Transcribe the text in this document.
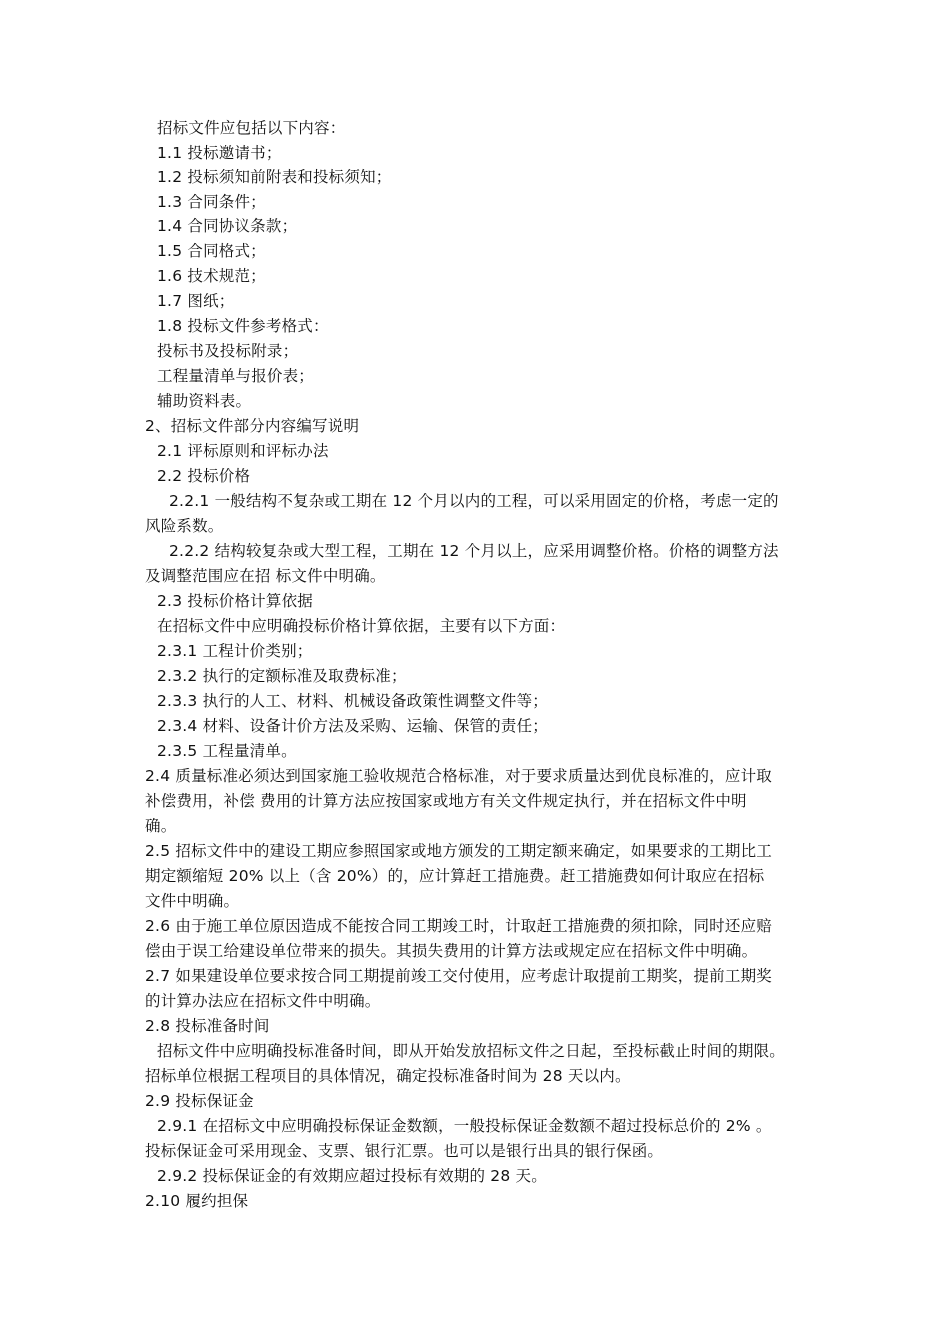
招标文件应包括以下内容：
1.1 投标邀请书；
1.2 投标须知前附表和投标须知；
1.3 合同条件；
1.4 合同协议条款；
1.5 合同格式；
1.6 技术规范；
1.7 图纸；
1.8 投标文件参考格式：
投标书及投标附录；
工程量清单与报价表；
辅助资料表。
2、招标文件部分内容编写说明
2.1 评标原则和评标办法
2.2 投标价格
2.2.1 一般结构不复杂或工期在 12 个月以内的工程，可以采用固定的价格，考虑一定的
风险系数。
2.2.2 结构较复杂或大型工程，工期在 12 个月以上，应采用调整价格。价格的调整方法
及调整范围应在招 标文件中明确。
2.3 投标价格计算依据
在招标文件中应明确投标价格计算依据，主要有以下方面：
2.3.1 工程计价类别；
2.3.2 执行的定额标准及取费标准；
2.3.3 执行的人工、材料、机械设备政策性调整文件等；
2.3.4 材料、设备计价方法及采购、运输、保管的责任；
2.3.5 工程量清单。
2.4 质量标准必须达到国家施工验收规范合格标准，对于要求质量达到优良标准的，应计取
补偿费用，补偿 费用的计算方法应按国家或地方有关文件规定执行，并在招标文件中明
确。
2.5 招标文件中的建设工期应参照国家或地方颁发的工期定额来确定，如果要求的工期比工
期定额缩短 20% 以上（含 20%）的，应计算赶工措施费。赶工措施费如何计取应在招标
文件中明确。
2.6 由于施工单位原因造成不能按合同工期竣工时，计取赶工措施费的须扣除，同时还应赔
偿由于误工给建设单位带来的损失。其损失费用的计算方法或规定应在招标文件中明确。
2.7 如果建设单位要求按合同工期提前竣工交付使用，应考虑计取提前工期奖，提前工期奖
的计算办法应在招标文件中明确。
2.8 投标准备时间
招标文件中应明确投标准备时间，即从开始发放招标文件之日起，至投标截止时间的期限。
招标单位根据工程项目的具体情况，确定投标准备时间为 28 天以内。
2.9 投标保证金
2.9.1 在招标文中应明确投标保证金数额，一般投标保证金数额不超过投标总价的 2% 。
投标保证金可采用现金、支票、银行汇票。也可以是银行出具的银行保函。
2.9.2 投标保证金的有效期应超过投标有效期的 28 天。
2.10 履约担保
